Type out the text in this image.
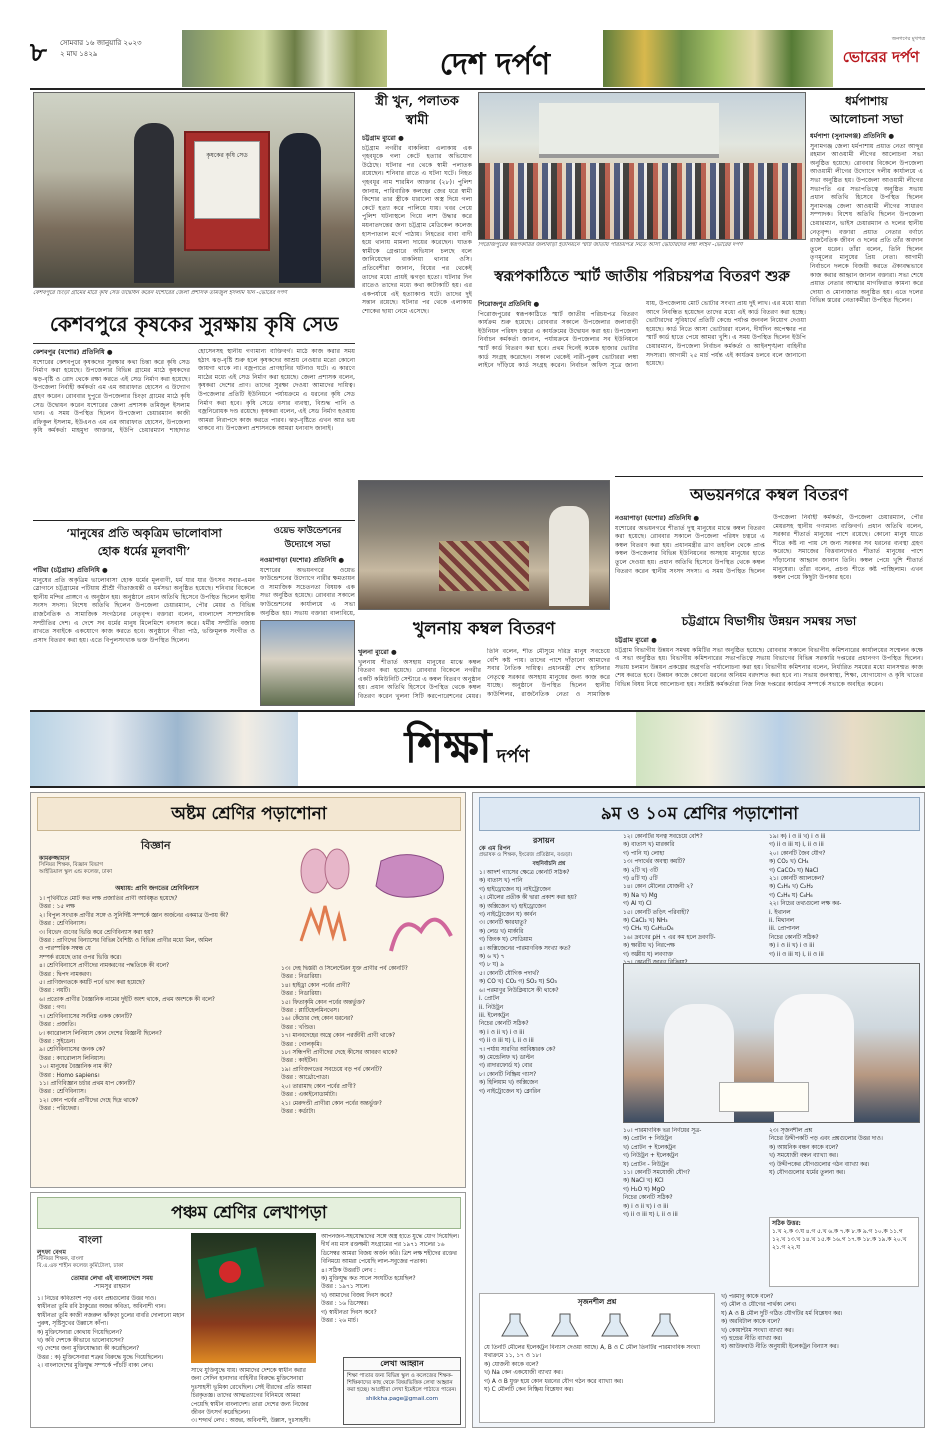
৮	সোমবার ১৬ জানুয়ারি ২০২৩
২ মাঘ ১৪২৯	দেশ দর্পণ
জনগণের মুখপত্র
ভোরের দর্পণ
কৃষকের কৃষি সেড
কেশবপুরে চিংড়া গ্রামের মাঠে কৃষি সেড উদ্বোধন করেন যশোরের জেলা প্রশাসক তমিজুল ইসলাম খান -ভোরের দর্পণ
কেশবপুরে কৃষকের সুরক্ষায় কৃষি সেড
কেশবপুর (যশোর) প্রতিনিধি ●
যশোরের কেশবপুরে কৃষকদের সুরক্ষার কথা চিন্তা করে কৃষি সেড নির্মাণ করা হয়েছে। উপজেলার বিভিন্ন গ্রামের মাঠে কৃষকদের ঝড়-বৃষ্টি ও রোদ থেকে রক্ষা করতে এই সেড নির্মাণ করা হয়েছে। উপজেলা নির্বাহী কর্মকর্তা এম এম আরাফাত হোসেন এ উদ্যোগ গ্রহণ করেন। রোববার দুপুরে উপজেলার চিংড়া গ্রামের মাঠে কৃষি সেড উদ্বোধন করেন যশোরের জেলা প্রশাসক তমিজুল ইসলাম খান। এ সময় উপস্থিত ছিলেন উপজেলা চেয়ারম্যান কাজী রফিকুল ইসলাম, ইউএনও এম এম আরাফাত হোসেন, উপজেলা কৃষি কর্মকর্তা মাহমুদা আক্তার, ইউপি চেয়ারম্যান শাহাদাত হোসেনসহ স্থানীয় গণ্যমান্য ব্যক্তিবর্গ। মাঠে কাজ করার সময় হঠাৎ ঝড়-বৃষ্টি শুরু হলে কৃষকদের আশ্রয় নেওয়ার মতো কোনো জায়গা থাকে না। বজ্রপাতে প্রাণহানির ঘটনাও ঘটে। এ কারণে মাঠের মধ্যে এই সেড নির্মাণ করা হয়েছে। জেলা প্রশাসক বলেন, কৃষকরা দেশের প্রাণ। তাদের সুরক্ষা দেওয়া আমাদের দায়িত্ব। উপজেলার প্রতিটি ইউনিয়নে পর্যায়ক্রমে এ ধরনের কৃষি সেড নির্মাণ করা হবে। কৃষি সেডে বসার ব্যবস্থা, বিশুদ্ধ পানি ও বজ্রনিরোধক দণ্ড রয়েছে। কৃষকরা বলেন, এই সেড নির্মাণ হওয়ায় আমরা নিরাপদে কাজ করতে পারব। ঝড়-বৃষ্টিতে এখন আর ভয় থাকবে না। উপজেলা প্রশাসনকে আমরা ধন্যবাদ জানাই।
স্ত্রী খুন, পলাতক স্বামী
চট্টগ্রাম ব্যুরো ●
চট্টগ্রাম নগরীর বাকলিয়া এলাকায় এক গৃহবধূকে গলা কেটে হত্যার অভিযোগ উঠেছে। ঘটনার পর থেকে স্বামী পলাতক রয়েছেন। শনিবার রাতে এ ঘটনা ঘটে। নিহত গৃহবধূর নাম শারমিন আক্তার (২৮)। পুলিশ জানায়, পারিবারিক কলহের জের ধরে স্বামী কিশোর তার স্ত্রীকে ধারালো অস্ত্র দিয়ে গলা কেটে হত্যা করে পালিয়ে যায়। খবর পেয়ে পুলিশ ঘটনাস্থলে গিয়ে লাশ উদ্ধার করে ময়নাতদন্তের জন্য চট্টগ্রাম মেডিকেল কলেজ হাসপাতাল মর্গে পাঠায়। নিহতের বাবা বাদী হয়ে থানায় মামলা দায়ের করেছেন। ঘাতক স্বামীকে গ্রেপ্তারে অভিযান চলছে বলে জানিয়েছেন বাকলিয়া থানার ওসি। প্রতিবেশীরা জানান, বিয়ের পর থেকেই তাদের মধ্যে প্রায়ই ঝগড়া হতো। ঘটনার দিন রাতেও তাদের মধ্যে কথা কাটাকাটি হয়। এর একপর্যায়ে এই হত্যাকাণ্ড ঘটে। তাদের দুই সন্তান রয়েছে। ঘটনার পর থেকে এলাকায় শোকের ছায়া নেমে এসেছে।
পিরোজপুরের স্বরূপকাঠির জলাবাড়ী ইউনিয়নে স্মার্ট জাতীয় পরিচয়পত্র নিতে আসা ভোটারদের লম্বা লাইন -ভোরের দর্পণ
স্বরূপকাঠিতে স্মার্ট জাতীয় পরিচয়পত্র বিতরণ শুরু
পিরোজপুর প্রতিনিধি ●
পিরোজপুরের স্বরূপকাঠিতে স্মার্ট জাতীয় পরিচয়পত্র বিতরণ কার্যক্রম শুরু হয়েছে। রোববার সকালে উপজেলার জলাবাড়ী ইউনিয়ন পরিষদ চত্বরে এ কার্যক্রমের উদ্বোধন করা হয়। উপজেলা নির্বাচন কর্মকর্তা জানান, পর্যায়ক্রমে উপজেলার সব ইউনিয়নে স্মার্ট কার্ড বিতরণ করা হবে। প্রথম দিনেই কয়েক হাজার ভোটার কার্ড সংগ্রহ করেছেন। সকাল থেকেই নারী-পুরুষ ভোটাররা লম্বা লাইনে দাঁড়িয়ে কার্ড সংগ্রহ করেন। নির্বাচন অফিস সূত্রে জানা যায়, উপজেলায় মোট ভোটার সংখ্যা প্রায় দুই লাখ। এর মধ্যে যারা আগে নিবন্ধিত হয়েছেন তাদের মধ্যে এই কার্ড বিতরণ করা হচ্ছে। ভোটারদের সুবিধার্থে প্রতিটি কেন্দ্রে পর্যাপ্ত জনবল নিয়োগ দেওয়া হয়েছে। কার্ড নিতে আসা ভোটাররা বলেন, দীর্ঘদিন অপেক্ষার পর স্মার্ট কার্ড হাতে পেয়ে আমরা খুশি। এ সময় উপস্থিত ছিলেন ইউপি চেয়ারম্যান, উপজেলা নির্বাচন কর্মকর্তা ও আইনশৃঙ্খলা বাহিনীর সদস্যরা। আগামী ২৫ মার্চ পর্যন্ত এই কার্যক্রম চলবে বলে জানানো হয়েছে।
ধর্মপাশায়
আলোচনা সভা
ধর্মপাশা (সুনামগঞ্জ) প্রতিনিধি ●
সুনামগঞ্জ জেলা ধর্মপাশায় প্রয়াত নেতা আব্দুর রহমান আওয়ামী লীগের আলোচনা সভা অনুষ্ঠিত হয়েছে। রোববার বিকেলে উপজেলা আওয়ামী লীগের উদ্যোগে দলীয় কার্যালয়ে এ সভা অনুষ্ঠিত হয়। উপজেলা আওয়ামী লীগের সভাপতি এর সভাপতিত্বে অনুষ্ঠিত সভায় প্রধান অতিথি হিসেবে উপস্থিত ছিলেন সুনামগঞ্জ জেলা আওয়ামী লীগের সাধারণ সম্পাদক। বিশেষ অতিথি ছিলেন উপজেলা চেয়ারম্যান, ভাইস চেয়ারম্যান ও দলের স্থানীয় নেতৃবৃন্দ। বক্তারা প্রয়াত নেতার বর্ণাঢ্য রাজনৈতিক জীবন ও দলের প্রতি তাঁর অবদান তুলে ধরেন। তাঁরা বলেন, তিনি ছিলেন তৃণমূলের মানুষের প্রিয় নেতা। আগামী নির্বাচনে দলকে বিজয়ী করতে ঐক্যবদ্ধভাবে কাজ করার আহ্বান জানান বক্তারা। সভা শেষে প্রয়াত নেতার আত্মার মাগফিরাত কামনা করে দোয়া ও মোনাজাত অনুষ্ঠিত হয়। এতে দলের বিভিন্ন স্তরের নেতাকর্মীরা উপস্থিত ছিলেন।
অভয়নগরে কম্বল বিতরণ
নওয়াপাড়া (যশোর) প্রতিনিধি ●
যশোরের অভয়নগরে শীতার্ত দুস্থ মানুষের মাঝে কম্বল বিতরণ করা হয়েছে। রোববার সকালে উপজেলা পরিষদ চত্বরে এ কম্বল বিতরণ করা হয়। প্রধানমন্ত্রীর ত্রাণ তহবিল থেকে প্রাপ্ত কম্বল উপজেলার বিভিন্ন ইউনিয়নের অসহায় মানুষের হাতে তুলে দেওয়া হয়। প্রধান অতিথি হিসেবে উপস্থিত থেকে কম্বল বিতরণ করেন স্থানীয় সংসদ সদস্য। এ সময় উপস্থিত ছিলেন উপজেলা নির্বাহী কর্মকর্তা, উপজেলা চেয়ারম্যান, পৌর মেয়রসহ স্থানীয় গণ্যমান্য ব্যক্তিবর্গ। প্রধান অতিথি বলেন, সরকার শীতার্ত মানুষের পাশে রয়েছে। কোনো মানুষ যাতে শীতে কষ্ট না পায় সে জন্য সরকার সব ধরনের ব্যবস্থা গ্রহণ করেছে। সমাজের বিত্তবানদেরও শীতার্ত মানুষের পাশে দাঁড়ানোর আহ্বান জানান তিনি। কম্বল পেয়ে খুশি শীতার্ত মানুষেরা। তাঁরা বলেন, প্রচণ্ড শীতে কষ্ট পাচ্ছিলাম। এখন কম্বল পেয়ে কিছুটা উপকার হবে।
‘মানুষের প্রতি অকৃত্রিম ভালোবাসা
হোক ধর্মের মূলবাণী’
পটিয়া (চট্টগ্রাম) প্রতিনিধি ●
মানুষের প্রতি অকৃত্রিম ভালোবাসা হোক ধর্মের মূলবাণী, ধর্ম যার যার উৎসব সবার-এমন স্লোগানে চট্টগ্রামের পটিয়ায় শ্রীশ্রী গীতাজয়ন্তী ও ধর্মসভা অনুষ্ঠিত হয়েছে। শনিবার বিকেলে স্থানীয় মন্দির প্রাঙ্গণে এ অনুষ্ঠান হয়। অনুষ্ঠানে প্রধান অতিথি হিসেবে উপস্থিত ছিলেন স্থানীয় সংসদ সদস্য। বিশেষ অতিথি ছিলেন উপজেলা চেয়ারম্যান, পৌর মেয়র ও বিভিন্ন রাজনৈতিক ও সামাজিক সংগঠনের নেতৃবৃন্দ। বক্তারা বলেন, বাংলাদেশ সাম্প্রদায়িক সম্প্রীতির দেশ। এ দেশে সব ধর্মের মানুষ মিলেমিশে বসবাস করে। ধর্মীয় সম্প্রীতি বজায় রাখতে সবাইকে একযোগে কাজ করতে হবে। অনুষ্ঠানে গীতা পাঠ, ভক্তিমূলক সংগীত ও প্রসাদ বিতরণ করা হয়। এতে বিপুলসংখ্যক ভক্ত উপস্থিত ছিলেন।
ওয়েভ ফাউন্ডেশনের
উদ্যোগে সভা
নওয়াপাড়া (যশোর) প্রতিনিধি ●
যশোরের অভয়নগরে ওয়েভ ফাউন্ডেশনের উদ্যোগে নারীর ক্ষমতায়ন ও সামাজিক সচেতনতা বিষয়ক এক সভা অনুষ্ঠিত হয়েছে। রোববার সকালে ফাউন্ডেশনের কার্যালয়ে এ সভা অনুষ্ঠিত হয়। সভায় বক্তারা বাল্যবিয়ে,
খুলনায় কম্বল বিতরণ
খুলনা ব্যুরো ●
খুলনায় শীতার্ত অসহায় মানুষের মাঝে কম্বল বিতরণ করা হয়েছে। রোববার বিকেলে নগরীর একটি কমিউনিটি সেন্টারে এ কম্বল বিতরণ অনুষ্ঠান হয়। প্রধান অতিথি হিসেবে উপস্থিত থেকে কম্বল বিতরণ করেন খুলনা সিটি করপোরেশনের মেয়র। তিনি বলেন, শীত মৌসুমে দরিদ্র মানুষ সবচেয়ে বেশি কষ্ট পায়। তাদের পাশে দাঁড়ানো আমাদের সবার নৈতিক দায়িত্ব। প্রধানমন্ত্রী শেখ হাসিনার নেতৃত্বে সরকার অসহায় মানুষের জন্য কাজ করে যাচ্ছে। অনুষ্ঠানে উপস্থিত ছিলেন স্থানীয় কাউন্সিলর, রাজনৈতিক নেতা ও সামাজিক
চট্টগ্রামে বিভাগীয় উন্নয়ন সমন্বয় সভা
চট্টগ্রাম ব্যুরো ●
চট্টগ্রাম বিভাগীয় উন্নয়ন সমন্বয় কমিটির সভা অনুষ্ঠিত হয়েছে। রোববার সকালে বিভাগীয় কমিশনারের কার্যালয়ের সম্মেলন কক্ষে এ সভা অনুষ্ঠিত হয়। বিভাগীয় কমিশনারের সভাপতিত্বে সভায় বিভাগের বিভিন্ন সরকারি দপ্তরের প্রধানগণ উপস্থিত ছিলেন। সভায় চলমান উন্নয়ন প্রকল্পের অগ্রগতি পর্যালোচনা করা হয়। বিভাগীয় কমিশনার বলেন, নির্ধারিত সময়ের মধ্যে মানসম্মত কাজ শেষ করতে হবে। উন্নয়ন কাজে কোনো ধরনের অনিয়ম বরদাশত করা হবে না। সভায় জনস্বাস্থ্য, শিক্ষা, যোগাযোগ ও কৃষি খাতের বিভিন্ন বিষয় নিয়ে আলোচনা হয়। সংশ্লিষ্ট কর্মকর্তারা নিজ নিজ দপ্তরের কার্যক্রম সম্পর্কে সভাকে অবহিত করেন।
শিক্ষা দর্পণ
অষ্টম শ্রেণির পড়াশোনা
বিজ্ঞান
কামরুজ্জামান
সিনিয়র শিক্ষক, বিজ্ঞান বিভাগ
আইডিয়াল স্কুল এন্ড কলেজ, ঢাকা
অধ্যায়: প্রাণি জগতের শ্রেণিবিন্যাস
১। পৃথিবীতে মোট কত লক্ষ প্রজাতির প্রাণী আবিষ্কৃত হয়েছে?
উত্তর : ১৫ লক্ষ
২। বিপুল সংখ্যক প্রাণীর সঙ্গে ও সুনির্দিষ্ট সম্পর্কে জ্ঞান অর্জনের একমাত্র উপায় কী?
উত্তর : শ্রেণিবিন্যাস।
৩। বিভেদ গুণের ভিত্তি করে শ্রেণিবিন্যাস করা হয়?
উত্তর : প্রাণিদের বিন্যাসের বিভিন্ন বৈশিষ্ট্য ও বিভিন্ন প্রাণীর মধ্যে মিল, অমিল
ও পারস্পরিক সম্বন্ধ যে
সম্পর্ক রয়েছে তার ওপর ভিত্তি করে।
৪। শ্রেণিবিন্যাসে প্রাণীদের নামকরণের পদ্ধতিকে কী বলে?
উত্তর : দ্বিপদ নামকরণ।
৫। প্রাণিজগতকে কয়টি পর্বে ভাগ করা হয়েছে?
উত্তর : নয়টি।
৬। প্রত্যেক প্রাণীর বৈজ্ঞানিক নামের দুইটি অংশ থাকে, প্রথম অংশকে কী বলে?
উত্তর : গণ।
৭। শ্রেণিবিন্যাসের সর্বনিম্ন একক কোনটি?
উত্তর : প্রজাতি।
৮। ক্যারোলাস লিনিয়াস কোন দেশের বিজ্ঞানী ছিলেন?
উত্তর : সুইডেন।
৯। শ্রেণিবিন্যাসের জনক কে?
উত্তর : ক্যারোলাস লিনিয়াস।
১০। মানুষের বৈজ্ঞানিক নাম কী?
উত্তর : Homo sapiens।
১১। প্রাণিবিজ্ঞান চর্চার প্রথম ধাপ কোনটি?
উত্তর : শ্রেণিবিন্যাস।
১২। কোন পর্বের প্রাণীদের দেহে ছিদ্র থাকে?
উত্তর : পরিফেরা।
১৩। দেহ দ্বিস্তরী ও সিলেন্টেরন যুক্ত প্রাণীর পর্ব কোনটি?
উত্তর : নিডারিয়া।
১৪। হাইড্রা কোন পর্বের প্রাণী?
উত্তর : নিডারিয়া।
১৫। ফিতাকৃমি কোন পর্বের অন্তর্ভুক্ত?
উত্তর : প্লাটিহেলমিনথেস।
১৬। কেঁচোর দেহ কোন ধরনের?
উত্তর : খণ্ডিত।
১৭। মানবদেহের অন্ত্রে কোন পরজীবী প্রাণী থাকে?
উত্তর : গোলকৃমি।
১৮। সন্ধিপদী প্রাণীদের দেহে কীসের আবরণ থাকে?
উত্তর : কাইটিন।
১৯। প্রাণিজগতের সবচেয়ে বড় পর্ব কোনটি?
উত্তর : আর্থ্রোপোডা।
২০। তারামাছ কোন পর্বের প্রাণী?
উত্তর : একাইনোডার্মাটা।
২১। মেরুদণ্ডী প্রাণীরা কোন পর্বের অন্তর্ভুক্ত?
উত্তর : কর্ডাটা।
পঞ্চম শ্রেণির লেখাপড়া
বাংলা
লুৎফা বেগম
সিনিয়র শিক্ষক, বাংলা
বি.এ.এফ শাহীন কলেজ কুর্মিটোলা, ঢাকা
তোমার লেখা এই বাংলাদেশে সময়
-শামসুর রাহমান
১। নিচের কবিতাংশ পড় এবং প্রশ্নগুলোর উত্তর দাও।
স্বাধীনতা তুমি রবি ঠাকুরের অজর কবিতা, অবিনাশী গান। স্বাধীনতা তুমি কাজী নজরুল ঝাঁকড়া চুলের বাবরি দোলানো মহান পুরুষ, সৃষ্টিসুখের উল্লাসে কাঁপা।
ক) মুক্তিসেনারা কোথায় গিয়েছিলেন?
খ) কবি দেশকে কীভাবে ভালোবাসেন?
গ) দেশের জন্য মুক্তিযোদ্ধারা কী করেছিলেন?
উত্তর : ক) মুক্তিসেনারা শত্রুর বিরুদ্ধে যুদ্ধে গিয়েছিলেন।
২। বাংলাদেশের মুক্তিযুদ্ধ সম্পর্কে পাঁচটি বাক্য লেখ।
সাথে যুক্তিযুদ্ধে যায়। আমাদের দেশকে স্বাধীন করার জন্য সেদিন হানাদার বাহিনীর বিরুদ্ধে মুক্তিসেনারা দুঃসাহসী ভূমিকা রেখেছিল। সেই বীরদের প্রতি আমরা চিরকৃতজ্ঞ। তাদের আত্মত্যাগের বিনিময়ে আমরা পেয়েছি স্বাধীন বাংলাদেশ। তারা দেশের জন্য নিজের জীবন উৎসর্গ করেছিলেন।
৩। শব্দার্থ লেখ : অজর, অবিনাশী, উল্লাস, দুঃসাহসী।
আপনজন-সহযোদ্ধাদের সঙ্গে অস্ত্র হাতে যুদ্ধে যোগ দিয়েছিল। দীর্ঘ নয় মাস রক্তক্ষয়ী সংগ্রামের পর ১৯৭১ সালের ১৬ ডিসেম্বর আমরা বিজয় অর্জন করি। ত্রিশ লক্ষ শহীদের রক্তের বিনিময়ে আমরা পেয়েছি লাল-সবুজের পতাকা।
৪। সঠিক উত্তরটি লেখ :
ক) মুক্তিযুদ্ধ কত সালে সংঘটিত হয়েছিল?
উত্তর : ১৯৭১ সালে।
খ) আমাদের বিজয় দিবস কবে?
উত্তর : ১৬ ডিসেম্বর।
গ) স্বাধীনতা দিবস কবে?
উত্তর : ২৬ মার্চ।
লেখা আহ্বান
শিক্ষা পাতার জন্য বিভিন্ন স্কুল ও কলেজের শিক্ষক-শিক্ষিকাদের কাছ থেকে বিষয়ভিত্তিক লেখা আহ্বান করা হচ্ছে। আগ্রহীরা লেখা ইমেইলে পাঠাতে পারেন।
shikkha.page@gmail.com
৯ম ও ১০ম শ্রেণির পড়াশোনা
রসায়ন
কে এম রিপন
প্রভাষক ও শিক্ষক, ইংরেজ প্রতিষ্ঠান, বগুড়া।
বহুনির্বাচনি প্রশ্ন
১। আদর্শ গ্যাসের ক্ষেত্রে কোনটি সঠিক?
ক) বাতাস খ) পানি
গ) হাইড্রোজেন ঘ) নাইট্রোজেন
২। মৌলের প্রতীক কী দ্বারা প্রকাশ করা হয়?
ক) অক্সিজেন খ) হাইড্রোজেন
গ) নাইট্রোজেন ঘ) কার্বন
৩। কোনটি ক্ষারধাতু?
ক) লেড খ) মার্কারি
গ) জিংক ঘ) সোডিয়াম
৪। অক্সিজেনের পারমাণবিক সংখ্যা কত?
ক) ৬ খ) ৭
গ) ৮ ঘ) ৯
৫। কোনটি যৌগিক পদার্থ?
ক) CO খ) CO₂ গ) SO₂ ঘ) SO₃
৬। পরমাণুর নিউক্লিয়াসে কী থাকে?
i. প্রোটন
ii. নিউট্রন
iii. ইলেকট্রন
নিচের কোনটি সঠিক?
ক) i ও ii খ) i ও iii
গ) ii ও iii ঘ) i, ii ও iii
৭। পর্যায় সারণির আবিষ্কারক কে?
ক) মেন্ডেলিফ খ) ডাল্টন
গ) রাদারফোর্ড ঘ) বোর
৮। কোনটি নিষ্ক্রিয় গ্যাস?
ক) হিলিয়াম খ) অক্সিজেন
গ) নাইট্রোজেন ঘ) ক্লোরিন
১২। কোনটির ঘনত্ব সবচেয়ে বেশি?
ক) বাতাস খ) মারকারি
গ) পানি ঘ) লোহা
১৩। পদার্থের অবস্থা কয়টি?
ক) ২টি খ) ৩টি
গ) ৪টি ঘ) ৫টি
১৪। কোন মৌলের যোজনী ২?
ক) Na খ) Mg
গ) Al ঘ) Cl
১৫। কোনটি তড়িৎ পরিবাহী?
ক) CaCl₂ খ) NH₃
গ) CH₄ ঘ) C₆H₁₂O₆
১৬। দ্রবণের pH ৭ এর কম হলে দ্রবণটি-
ক) ক্ষারীয় খ) নিরপেক্ষ
গ) অম্লীয় ঘ) লবণাক্ত

১৯। ক) i ও ii খ) i ও iii
গ) ii ও iii ঘ) i, ii ও iii
২০। কোনটি জৈব যৌগ?
ক) CO₂ খ) CH₄
গ) CaCO₃ ঘ) NaCl
২১। কোনটি অ্যালকেন?
ক) C₂H₄ খ) C₂H₂
গ) C₂H₆ ঘ) C₆H₆
২২। নিচের তথ্যগুলো লক্ষ কর-
i. ইথানল
ii. মিথানল
iii. প্রোপানল
নিচের কোনটি সঠিক?
ক) i ও ii খ) i ও iii
গ) ii ও iii ঘ) i, ii ও iii
১০। পারমাণবিক ভর নির্ণয়ের সূত্র-
ক) প্রোটন + নিউট্রন
খ) প্রোটন + ইলেকট্রন
গ) নিউট্রন + ইলেকট্রন
ঘ) প্রোটন - নিউট্রন
১১। কোনটি সমযোজী যৌগ?
ক) NaCl খ) KCl
গ) H₂O ঘ) MgO
নিচের কোনটি সঠিক?
ক) i ও ii খ) i ও iii
গ) ii ও iii ঘ) i, ii ও iii
২৩। সৃজনশীল প্রশ্ন
নিচের উদ্দীপকটি পড় এবং প্রশ্নগুলোর উত্তর দাও।
ক) আয়নিক বন্ধন কাকে বলে?
খ) সমযোজী বন্ধন ব্যাখ্যা কর।
গ) উদ্দীপকের যৌগগুলোর গঠন ব্যাখ্যা কর।
ঘ) যৌগগুলোর ধর্মের তুলনা কর।
সঠিক উত্তর:
১.খ ২.ক ৩.ঘ ৪.গ ৫.খ ৬.ক ৭.ক ৮.ক ৯.গ ১০.ক ১১.গ ১২.খ ১৩.খ ১৪.খ ১৫.ক ১৬.গ ১৭.ক ১৮.ক ১৯.ক ২০.খ ২১.গ ২২.ঘ
সৃজনশীল প্রশ্ন
যে তিনটি মৌলের ইলেকট্রন বিন্যাস দেওয়া আছে। A, B ও C মৌল তিনটির পারমাণবিক সংখ্যা যথাক্রমে ১১, ১৭ ও ১৮।
ক) যোজনী কাকে বলে?
খ) Na কেন একযোজী ব্যাখ্যা কর।
গ) A ও B যুক্ত হয়ে কোন ধরনের যৌগ গঠন করে ব্যাখ্যা কর।
ঘ) C মৌলটি কেন নিষ্ক্রিয় বিশ্লেষণ কর।
খ) পরমাণু কাকে বলে?
গ) মৌল ও যৌগের পার্থক্য লেখ।
ঘ) A ও B মৌল দুটি গঠিত যৌগটির ধর্ম বিশ্লেষণ কর।
ক) অরবিটাল কাকে বলে?
খ) কোয়ান্টাম সংখ্যা ব্যাখ্যা কর।
গ) হুন্ডের নীতি ব্যাখ্যা কর।
ঘ) আউফবাউ নীতি অনুযায়ী ইলেকট্রন বিন্যাস কর।
